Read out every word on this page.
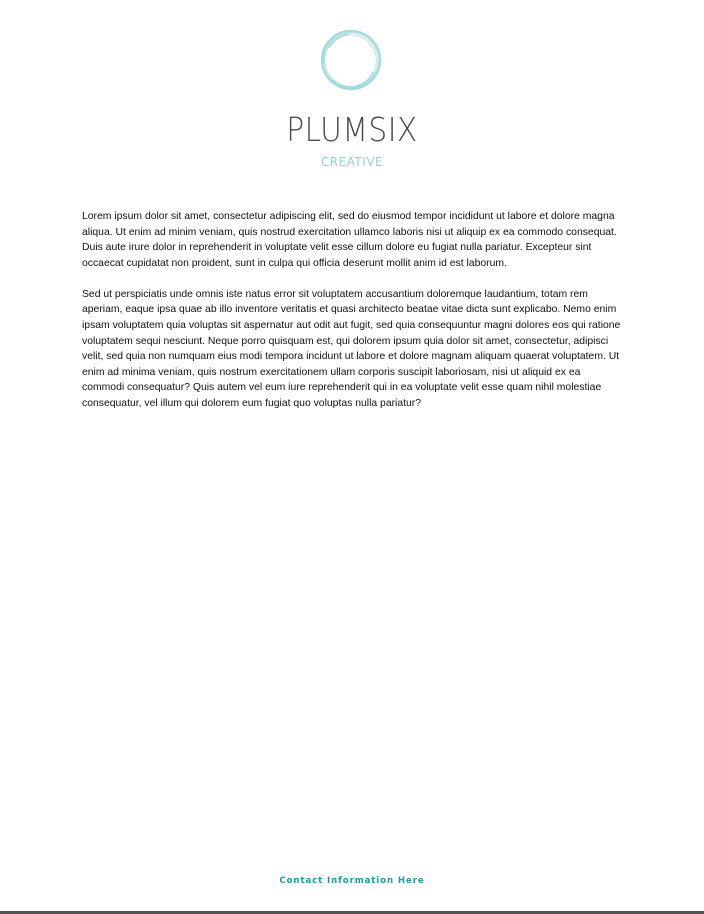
PLUMSIX
CREATIVE

Lorem ipsum dolor sit amet, consectetur adipiscing elit, sed do eiusmod tempor incididunt ut labore et dolore magna aliqua. Ut enim ad minim veniam, quis nostrud exercitation ullamco laboris nisi ut aliquip ex ea commodo consequat. Duis aute irure dolor in reprehenderit in voluptate velit esse cillum dolore eu fugiat nulla pariatur. Excepteur sint occaecat cupidatat non proident, sunt in culpa qui officia deserunt mollit anim id est laborum.

Sed ut perspiciatis unde omnis iste natus error sit voluptatem accusantium doloremque laudantium, totam rem aperiam, eaque ipsa quae ab illo inventore veritatis et quasi architecto beatae vitae dicta sunt explicabo. Nemo enim ipsam voluptatem quia voluptas sit aspernatur aut odit aut fugit, sed quia consequuntur magni dolores eos qui ratione voluptatem sequi nesciunt. Neque porro quisquam est, qui dolorem ipsum quia dolor sit amet, consectetur, adipisci velit, sed quia non numquam eius modi tempora incidunt ut labore et dolore magnam aliquam quaerat voluptatem. Ut enim ad minima veniam, quis nostrum exercitationem ullam corporis suscipit laboriosam, nisi ut aliquid ex ea commodi consequatur? Quis autem vel eum iure reprehenderit qui in ea voluptate velit esse quam nihil molestiae consequatur, vel illum qui dolorem eum fugiat quo voluptas nulla pariatur?

Contact Information Here
